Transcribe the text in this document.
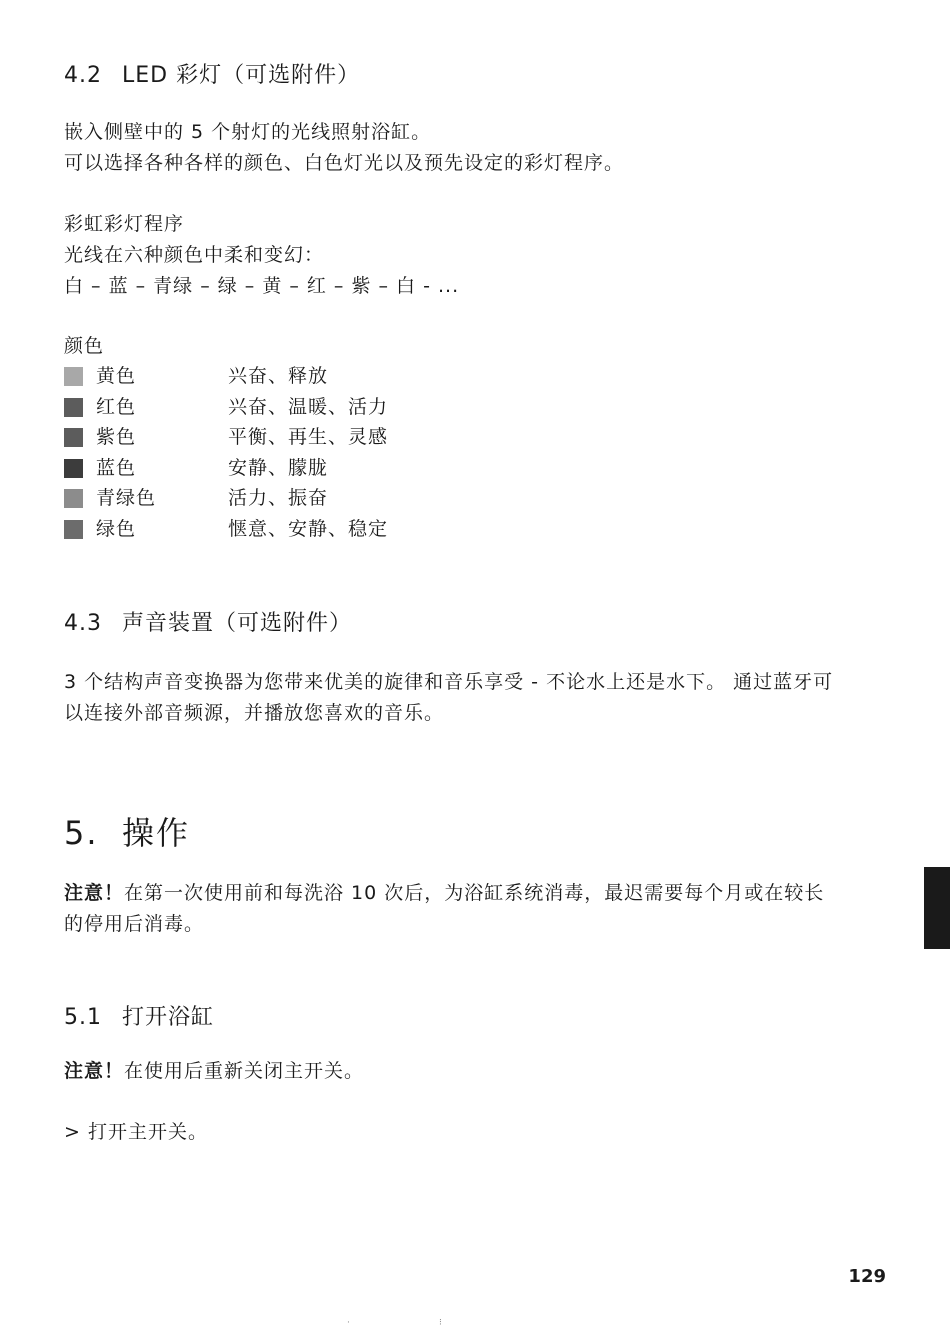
4.2 LED 彩灯（可选附件）
嵌入侧壁中的 5 个射灯的光线照射浴缸。
可以选择各种各样的颜色、白色灯光以及预先设定的彩灯程序。
彩虹彩灯程序
光线在六种颜色中柔和变幻：
白 – 蓝 – 青绿 – 绿 – 黄 – 红 – 紫 – 白 - ...
颜色
黄色	兴奋、释放
红色	兴奋、温暖、活力
紫色	平衡、再生、灵感
蓝色	安静、朦胧
青绿色	活力、振奋
绿色	惬意、安静、稳定
4.3 声音装置（可选附件）
3 个结构声音变换器为您带来优美的旋律和音乐享受 - 不论水上还是水下。 通过蓝牙可
以连接外部音频源，并播放您喜欢的音乐。
5. 操作
注意！在第一次使用前和每洗浴 10 次后，为浴缸系统消毒，最迟需要每个月或在较长
的停用后消毒。
5.1 打开浴缸
注意！在使用后重新关闭主开关。
> 打开主开关。
129
·	⁝
